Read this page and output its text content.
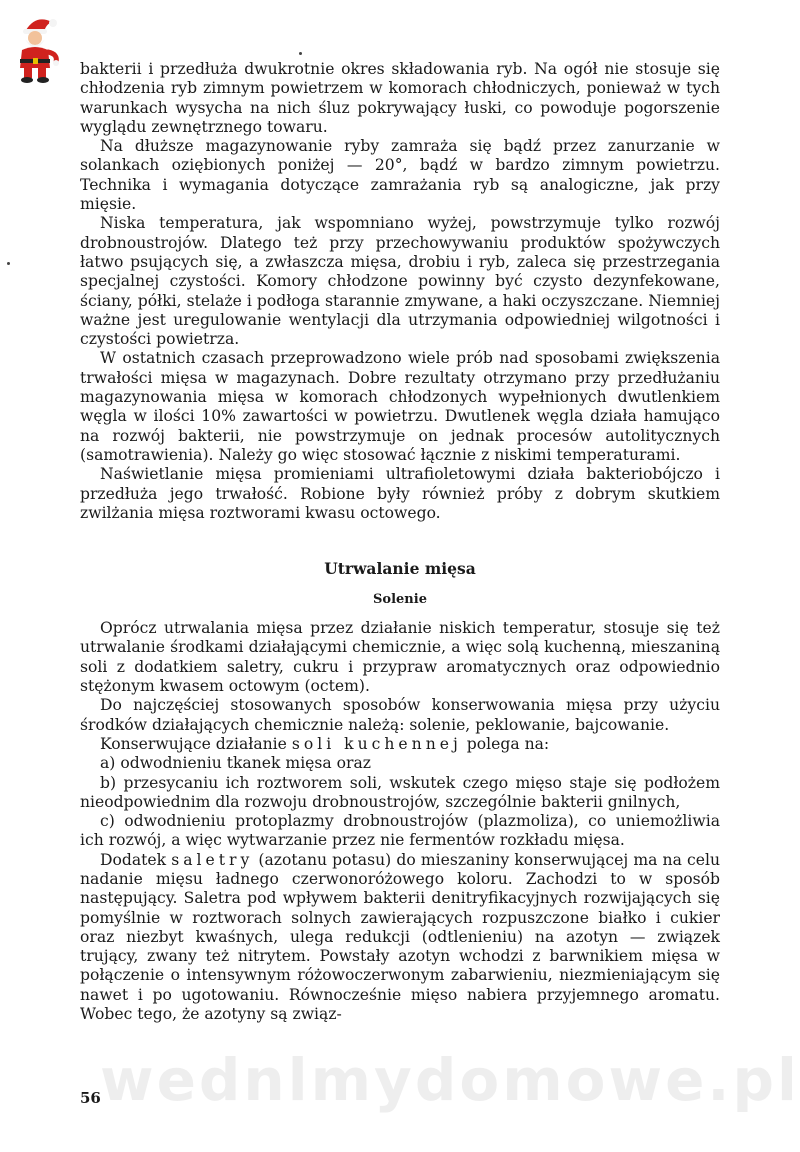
bakterii i przedłuża dwukrotnie okres składowania ryb. Na ogół nie stosuje się chłodzenia ryb zimnym powietrzem w komorach chłodniczych, ponieważ w tych warunkach wysycha na nich śluz pokrywający łuski, co powoduje pogorszenie wyglądu zewnętrznego towaru.

Na dłuższe magazynowanie ryby zamraża się bądź przez zanurzanie w solankach oziębionych poniżej — 20°, bądź w bardzo zimnym powietrzu. Technika i wymagania dotyczące zamrażania ryb są analogiczne, jak przy mięsie.

Niska temperatura, jak wspomniano wyżej, powstrzymuje tylko rozwój drobnoustrojów. Dlatego też przy przechowywaniu produktów spożywczych łatwo psujących się, a zwłaszcza mięsa, drobiu i ryb, zaleca się przestrzegania specjalnej czystości. Komory chłodzone powinny być czysto dezynfekowane, ściany, półki, stelaże i podłoga starannie zmywane, a haki oczyszczane. Niemniej ważne jest uregulowanie wentylacji dla utrzymania odpowiedniej wilgotności i czystości powietrza.

W ostatnich czasach przeprowadzono wiele prób nad sposobami zwiększenia trwałości mięsa w magazynach. Dobre rezultaty otrzymano przy przedłużaniu magazynowania mięsa w komorach chłodzonych wypełnionych dwutlenkiem węgla w ilości 10% zawartości w powietrzu. Dwutlenek węgla działa hamująco na rozwój bakterii, nie powstrzymuje on jednak procesów autolitycznych (samotrawienia). Należy go więc stosować łącznie z niskimi temperaturami.

Naświetlanie mięsa promieniami ultrafioletowymi działa bakteriobójczo i przedłuża jego trwałość. Robione były również próby z dobrym skutkiem zwilżania mięsa roztworami kwasu octowego.

Utrwalanie mięsa
Solenie

Oprócz utrwalania mięsa przez działanie niskich temperatur, stosuje się też utrwalanie środkami działającymi chemicznie, a więc solą kuchenną, mieszaniną soli z dodatkiem saletry, cukru i przypraw aromatycznych oraz odpowiednio stężonym kwasem octowym (octem).

Do najczęściej stosowanych sposobów konserwowania mięsa przy użyciu środków działających chemicznie należą: solenie, peklowanie, bajcowanie.

Konserwujące działanie soli kuchennej polega na:

a) odwodnieniu tkanek mięsa oraz

b) przesycaniu ich roztworem soli, wskutek czego mięso staje się podłożem nieodpowiednim dla rozwoju drobnoustrojów, szczególnie bakterii gnilnych,

c) odwodnieniu protoplazmy drobnoustrojów (plazmoliza), co uniemożliwia ich rozwój, a więc wytwarzanie przez nie fermentów rozkładu mięsa.

Dodatek saletry (azotanu potasu) do mieszaniny konserwującej ma na celu nadanie mięsu ładnego czerwonoróżowego koloru. Zachodzi to w sposób następujący. Saletra pod wpływem bakterii denitryfikacyjnych rozwijających się pomyślnie w roztworach solnych zawierających rozpuszczone białko i cukier oraz niezbyt kwaśnych, ulega redukcji (odtlenieniu) na azotyn — związek trujący, zwany też nitrytem. Powstały azotyn wchodzi z barwnikiem mięsa w połączenie o intensywnym różowoczerwonym zabarwieniu, niezmieniającym się nawet i po ugotowaniu. Równocześnie mięso nabiera przyjemnego aromatu. Wobec tego, że azotyny są związ-

wednlmydomowe.pl
56
